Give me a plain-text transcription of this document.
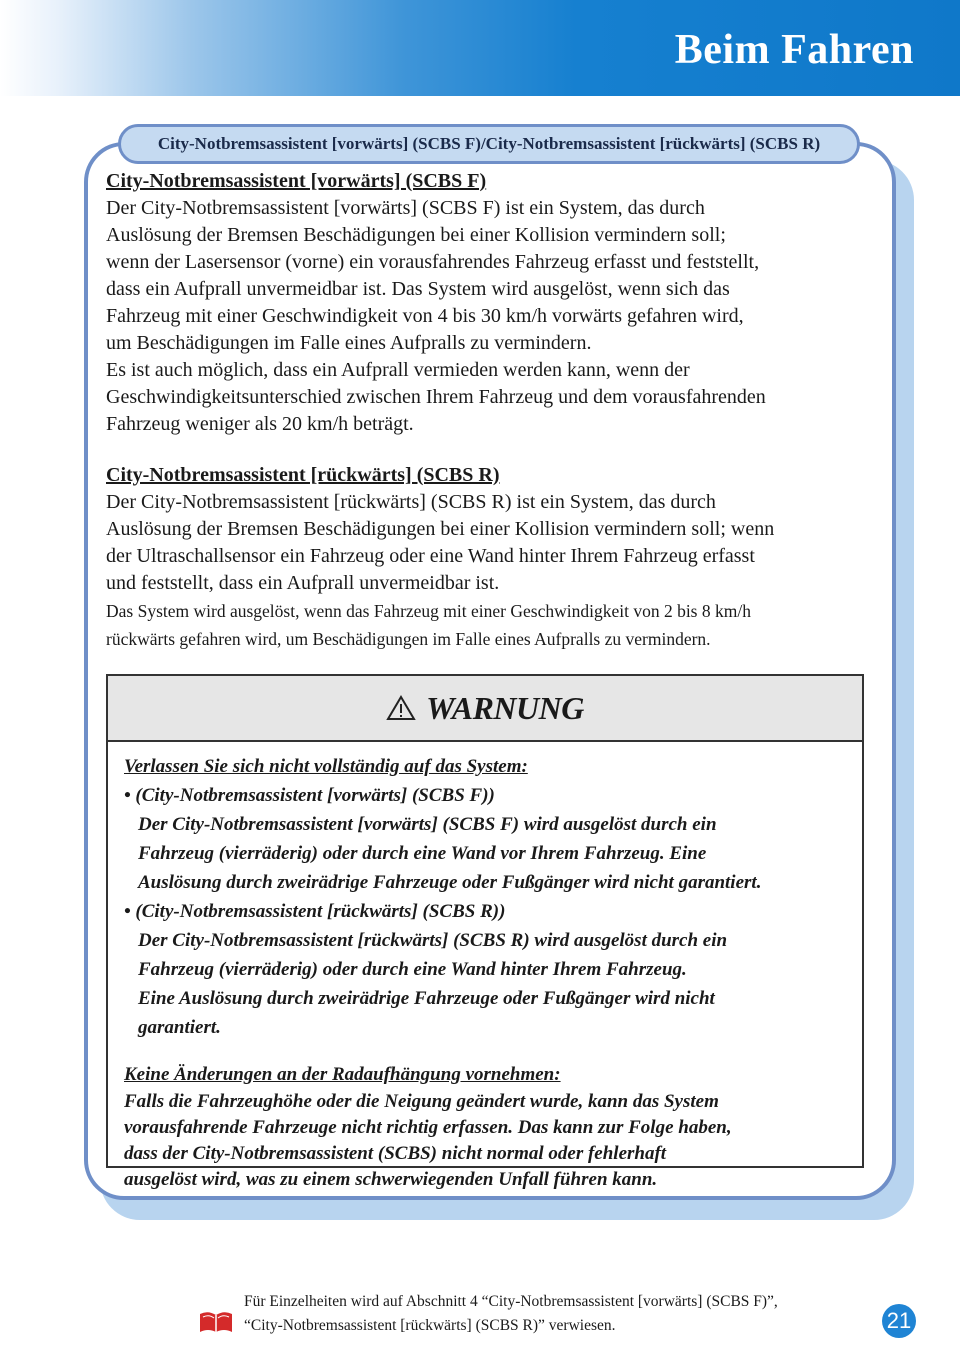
Beim Fahren
City-Notbremsassistent [vorwärts] (SCBS F)/City-Notbremsassistent [rückwärts] (SCBS R)

City-Notbremsassistent [vorwärts] (SCBS F)

Der City-Notbremsassistent [vorwärts] (SCBS F) ist ein System, das durch

Auslösung der Bremsen Beschädigungen bei einer Kollision vermindern soll;

wenn der Lasersensor (vorne) ein vorausfahrendes Fahrzeug erfasst und feststellt,

dass ein Aufprall unvermeidbar ist. Das System wird ausgelöst, wenn sich das

Fahrzeug mit einer Geschwindigkeit von 4 bis 30 km/h vorwärts gefahren wird,

um Beschädigungen im Falle eines Aufpralls zu vermindern.

Es ist auch möglich, dass ein Aufprall vermieden werden kann, wenn der

Geschwindigkeitsunterschied zwischen Ihrem Fahrzeug und dem vorausfahrenden

Fahrzeug weniger als 20 km/h beträgt.

City-Notbremsassistent [rückwärts] (SCBS R)

Der City-Notbremsassistent [rückwärts] (SCBS R) ist ein System, das durch

Auslösung der Bremsen Beschädigungen bei einer Kollision vermindern soll; wenn

der Ultraschallsensor ein Fahrzeug oder eine Wand hinter Ihrem Fahrzeug erfasst

und feststellt, dass ein Aufprall unvermeidbar ist.

Das System wird ausgelöst, wenn das Fahrzeug mit einer Geschwindigkeit von 2 bis 8 km/h

rückwärts gefahren wird, um Beschädigungen im Falle eines Aufpralls zu vermindern.

WARNUNG

Verlassen Sie sich nicht vollständig auf das System:

• (City-Notbremsassistent [vorwärts] (SCBS F))

Der City-Notbremsassistent [vorwärts] (SCBS F) wird ausgelöst durch ein

Fahrzeug (vierräderig) oder durch eine Wand vor Ihrem Fahrzeug. Eine

Auslösung durch zweirädrige Fahrzeuge oder Fußgänger wird nicht garantiert.

• (City-Notbremsassistent [rückwärts] (SCBS R))

Der City-Notbremsassistent [rückwärts] (SCBS R) wird ausgelöst durch ein

Fahrzeug (vierräderig) oder durch eine Wand hinter Ihrem Fahrzeug.

Eine Auslösung durch zweirädrige Fahrzeuge oder Fußgänger wird nicht

garantiert.

Keine Änderungen an der Radaufhängung vornehmen:

Falls die Fahrzeughöhe oder die Neigung geändert wurde, kann das System

vorausfahrende Fahrzeuge nicht richtig erfassen. Das kann zur Folge haben,

dass der City-Notbremsassistent (SCBS) nicht normal oder fehlerhaft

ausgelöst wird, was zu einem schwerwiegenden Unfall führen kann.

Für Einzelheiten wird auf Abschnitt 4 “City-Notbremsassistent [vorwärts] (SCBS F)”,
“City-Notbremsassistent [rückwärts] (SCBS R)” verwiesen.	21
